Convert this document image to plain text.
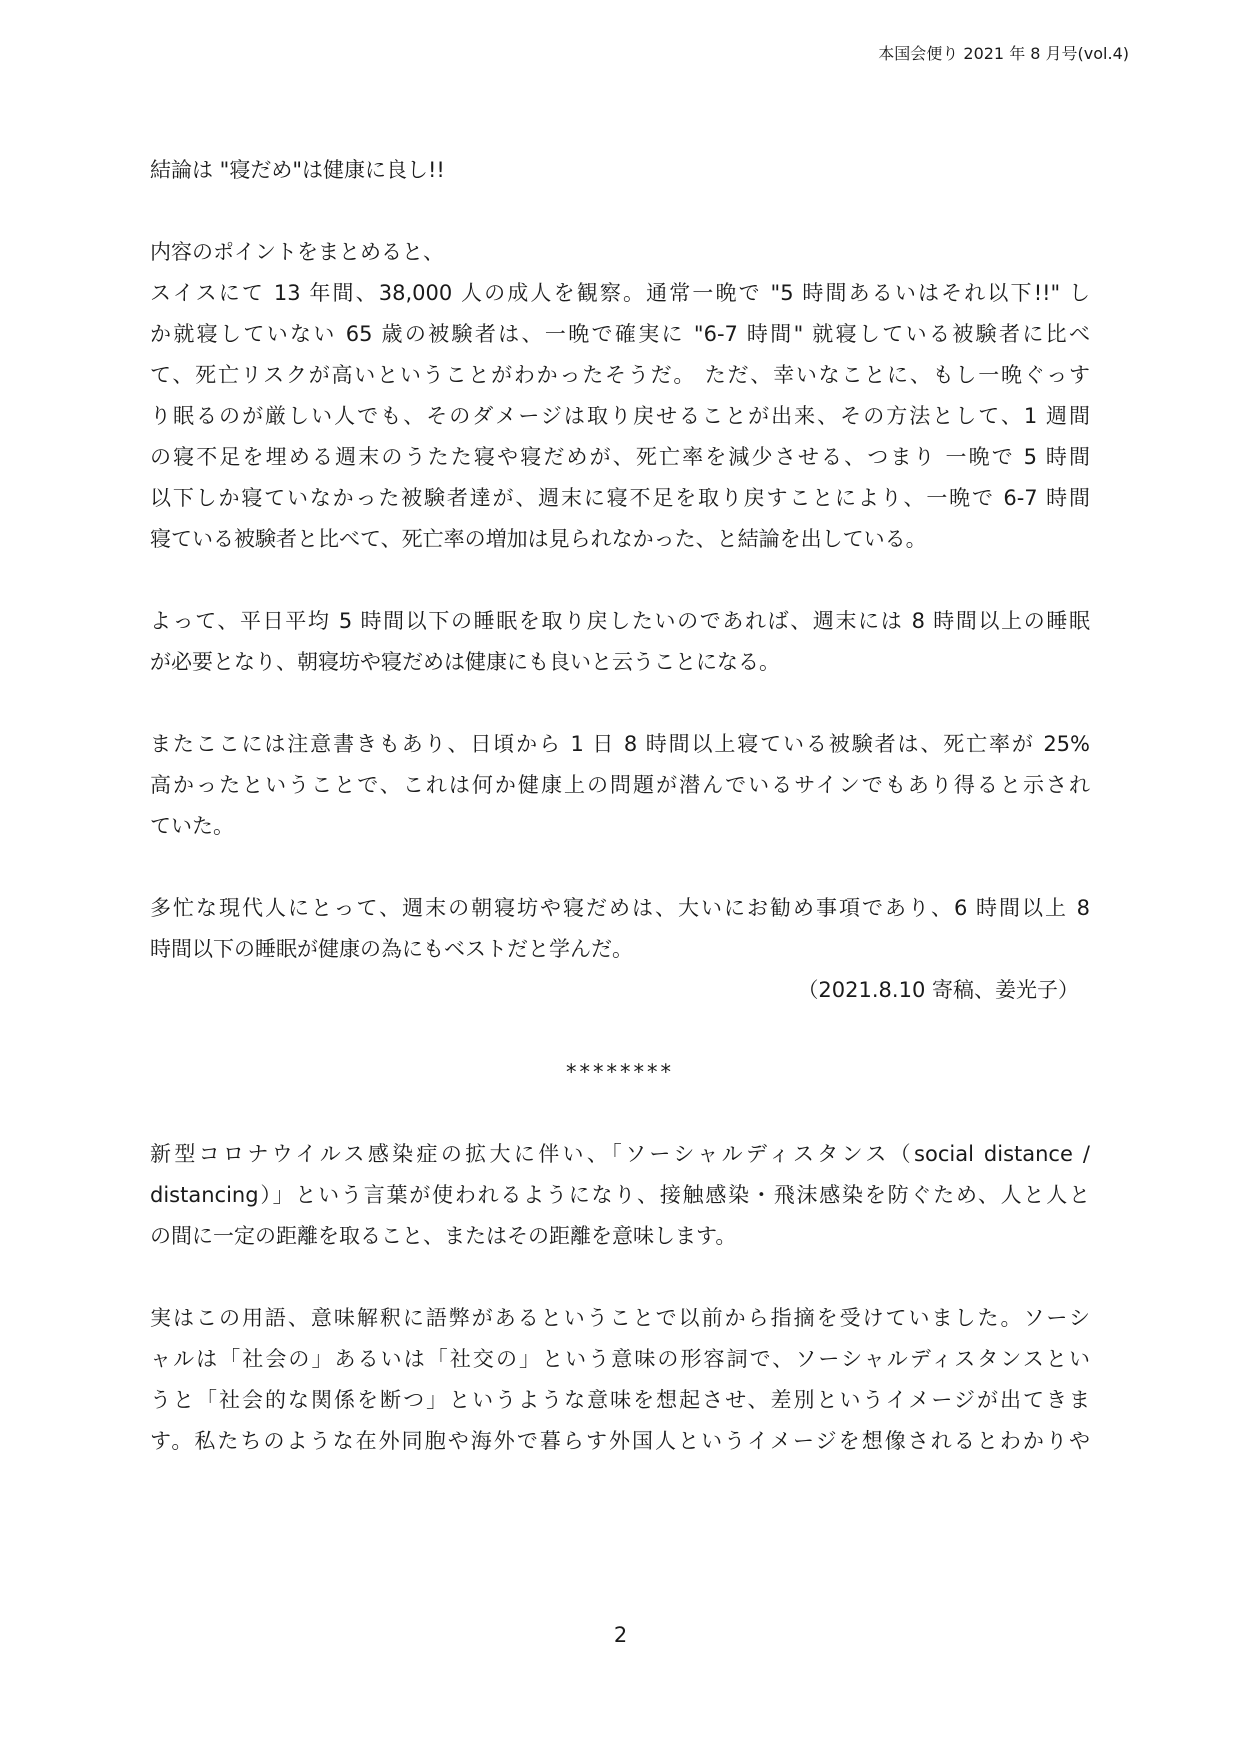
本国会便り 2021 年 8 月号(vol.4)

結論は "寝だめ"は健康に良し!!

内容のポイントをまとめると、
スイスにて 13 年間、38,000 人の成人を観察。通常一晩で "5 時間あるいはそれ以下!!" し
か就寝していない 65 歳の被験者は、一晩で確実に "6-7 時間" 就寝している被験者に比べ
て、死亡リスクが高いということがわかったそうだ。 ただ、幸いなことに、もし一晩ぐっす
り眠るのが厳しい人でも、そのダメージは取り戻せることが出来、その方法として、1 週間
の寝不足を埋める週末のうたた寝や寝だめが、死亡率を減少させる、つまり 一晩で 5 時間
以下しか寝ていなかった被験者達が、週末に寝不足を取り戻すことにより、一晩で 6-7 時間
寝ている被験者と比べて、死亡率の増加は見られなかった、と結論を出している。

よって、平日平均 5 時間以下の睡眠を取り戻したいのであれば、週末には 8 時間以上の睡眠
が必要となり、朝寝坊や寝だめは健康にも良いと云うことになる。

またここには注意書きもあり、日頃から 1 日 8 時間以上寝ている被験者は、死亡率が 25%
高かったということで、これは何か健康上の問題が潜んでいるサインでもあり得ると示され
ていた。

多忙な現代人にとって、週末の朝寝坊や寝だめは、大いにお勧め事項であり、6 時間以上 8
時間以下の睡眠が健康の為にもベストだと学んだ。

（2021.8.10 寄稿、姜光子）
********

新型コロナウイルス感染症の拡大に伴い、「ソーシャルディスタンス（social distance /
distancing）」という言葉が使われるようになり、接触感染・飛沫感染を防ぐため、人と人と
の間に一定の距離を取ること、またはその距離を意味します。

実はこの用語、意味解釈に語弊があるということで以前から指摘を受けていました。ソーシ
ャルは「社会の」あるいは「社交の」という意味の形容詞で、ソーシャルディスタンスとい
うと「社会的な関係を断つ」というような意味を想起させ、差別というイメージが出てきま
す。私たちのような在外同胞や海外で暮らす外国人というイメージを想像されるとわかりや

2
